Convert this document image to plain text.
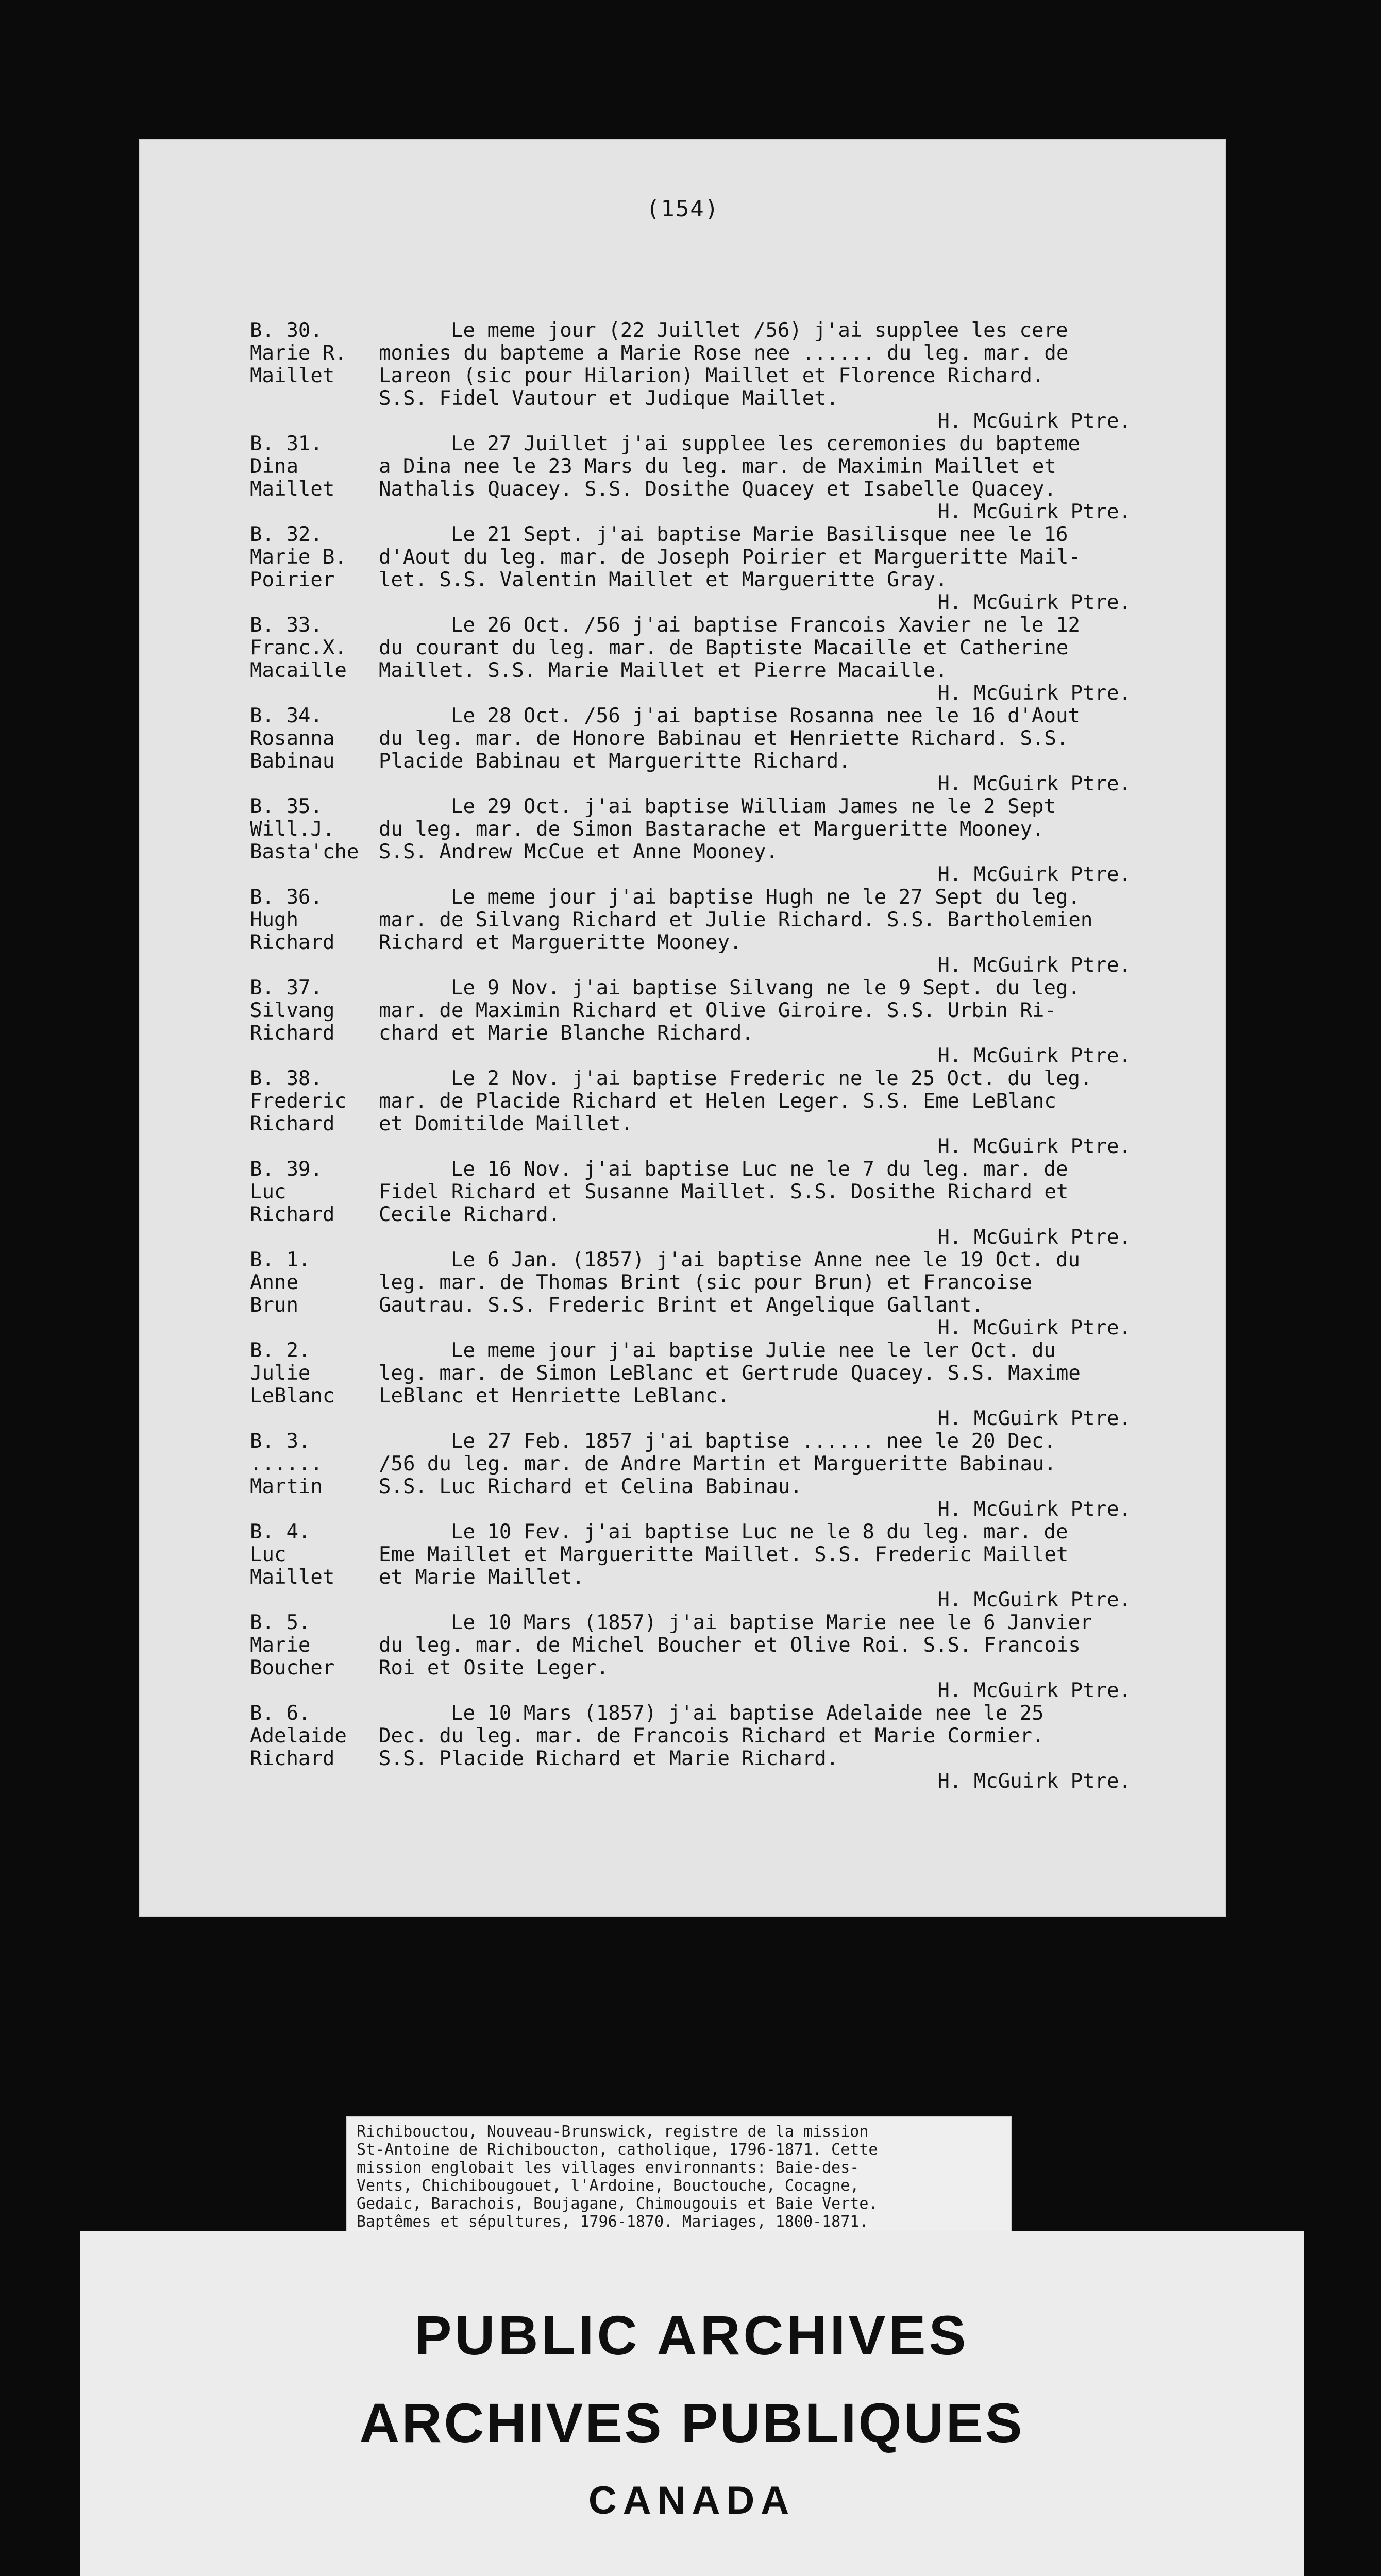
(154)
B. 30.
Marie R.
Maillet
Le meme jour (22 Juillet /56) j'ai supplee les cere
monies du bapteme a Marie Rose nee ...... du leg. mar. de
Lareon (sic pour Hilarion) Maillet et Florence Richard.
S.S. Fidel Vautour et Judique Maillet.
H. McGuirk Ptre.
B. 31.
Dina
Maillet
Le 27 Juillet j'ai supplee les ceremonies du bapteme
a Dina nee le 23 Mars du leg. mar. de Maximin Maillet et
Nathalis Quacey. S.S. Dosithe Quacey et Isabelle Quacey.
H. McGuirk Ptre.
B. 32.
Marie B.
Poirier
Le 21 Sept. j'ai baptise Marie Basilisque nee le 16
d'Aout du leg. mar. de Joseph Poirier et Margueritte Mail-
let. S.S. Valentin Maillet et Margueritte Gray.
H. McGuirk Ptre.
B. 33.
Franc.X.
Macaille
Le 26 Oct. /56 j'ai baptise Francois Xavier ne le 12
du courant du leg. mar. de Baptiste Macaille et Catherine
Maillet. S.S. Marie Maillet et Pierre Macaille.
H. McGuirk Ptre.
B. 34.
Rosanna
Babinau
Le 28 Oct. /56 j'ai baptise Rosanna nee le 16 d'Aout
du leg. mar. de Honore Babinau et Henriette Richard. S.S.
Placide Babinau et Margueritte Richard.
H. McGuirk Ptre.
B. 35.
Will.J.
Basta'che
Le 29 Oct. j'ai baptise William James ne le 2 Sept
du leg. mar. de Simon Bastarache et Margueritte Mooney.
S.S. Andrew McCue et Anne Mooney.
H. McGuirk Ptre.
B. 36.
Hugh
Richard
Le meme jour j'ai baptise Hugh ne le 27 Sept du leg.
mar. de Silvang Richard et Julie Richard. S.S. Bartholemien
Richard et Margueritte Mooney.
H. McGuirk Ptre.
B. 37.
Silvang
Richard
Le 9 Nov. j'ai baptise Silvang ne le 9 Sept. du leg.
mar. de Maximin Richard et Olive Giroire. S.S. Urbin Ri-
chard et Marie Blanche Richard.
H. McGuirk Ptre.
B. 38.
Frederic
Richard
Le 2 Nov. j'ai baptise Frederic ne le 25 Oct. du leg.
mar. de Placide Richard et Helen Leger. S.S. Eme LeBlanc
et Domitilde Maillet.
H. McGuirk Ptre.
B. 39.
Luc
Richard
Le 16 Nov. j'ai baptise Luc ne le 7 du leg. mar. de
Fidel Richard et Susanne Maillet. S.S. Dosithe Richard et
Cecile Richard.
H. McGuirk Ptre.
B. 1.
Anne
Brun
Le 6 Jan. (1857) j'ai baptise Anne nee le 19 Oct. du
leg. mar. de Thomas Brint (sic pour Brun) et Francoise
Gautrau. S.S. Frederic Brint et Angelique Gallant.
H. McGuirk Ptre.
B. 2.
Julie
LeBlanc
Le meme jour j'ai baptise Julie nee le ler Oct. du
leg. mar. de Simon LeBlanc et Gertrude Quacey. S.S. Maxime
LeBlanc et Henriette LeBlanc.
H. McGuirk Ptre.
B. 3.
......
Martin
Le 27 Feb. 1857 j'ai baptise ...... nee le 20 Dec.
/56 du leg. mar. de Andre Martin et Margueritte Babinau.
S.S. Luc Richard et Celina Babinau.
H. McGuirk Ptre.
B. 4.
Luc
Maillet
Le 10 Fev. j'ai baptise Luc ne le 8 du leg. mar. de
Eme Maillet et Margueritte Maillet. S.S. Frederic Maillet
et Marie Maillet.
H. McGuirk Ptre.
B. 5.
Marie
Boucher
Le 10 Mars (1857) j'ai baptise Marie nee le 6 Janvier
du leg. mar. de Michel Boucher et Olive Roi. S.S. Francois
Roi et Osite Leger.
H. McGuirk Ptre.
B. 6.
Adelaide
Richard
Le 10 Mars (1857) j'ai baptise Adelaide nee le 25
Dec. du leg. mar. de Francois Richard et Marie Cormier.
S.S. Placide Richard et Marie Richard.
H. McGuirk Ptre.
Richibouctou, Nouveau-Brunswick, registre de la mission
St-Antoine de Richiboucton, catholique, 1796-1871. Cette
mission englobait les villages environnants: Baie-des-
Vents, Chichibougouet, l'Ardoine, Bouctouche, Cocagne,
Gedaic, Barachois, Boujagane, Chimougouis et Baie Verte.
Baptêmes et sépultures, 1796-1870. Mariages, 1800-1871.
PUBLIC ARCHIVES
ARCHIVES PUBLIQUES
CANADA
